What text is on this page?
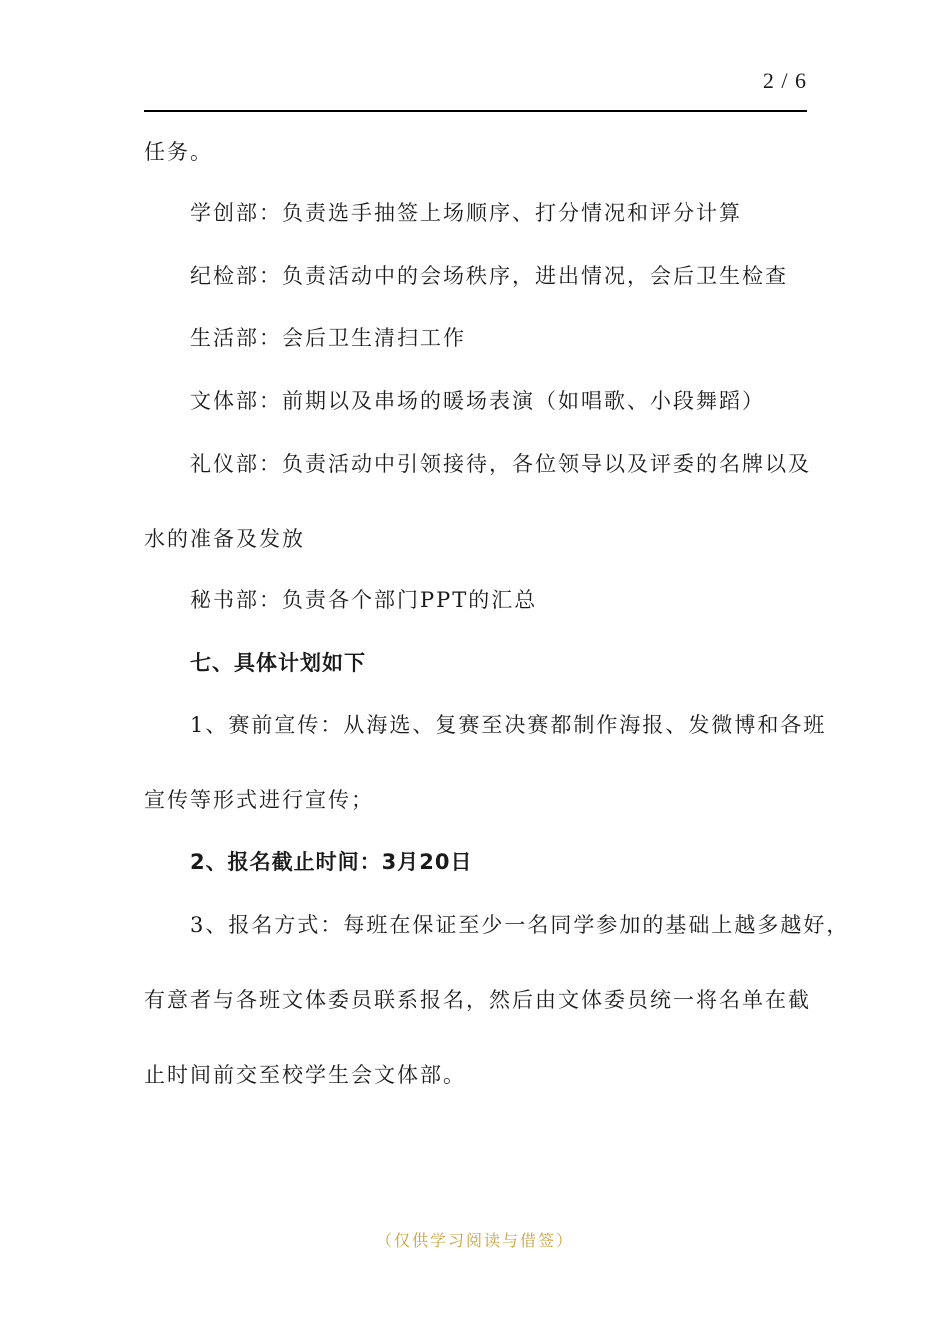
2 / 6
任务。
学创部：负责选手抽签上场顺序、打分情况和评分计算
纪检部：负责活动中的会场秩序，进出情况，会后卫生检查
生活部：会后卫生清扫工作
文体部：前期以及串场的暖场表演（如唱歌、小段舞蹈）
礼仪部：负责活动中引领接待，各位领导以及评委的名牌以及
水的准备及发放
秘书部：负责各个部门PPT的汇总
七、具体计划如下
1、赛前宣传：从海选、复赛至决赛都制作海报、发微博和各班
宣传等形式进行宣传；
2、报名截止时间：3月20日
3、报名方式：每班在保证至少一名同学参加的基础上越多越好，
有意者与各班文体委员联系报名，然后由文体委员统一将名单在截
止时间前交至校学生会文体部。
（仅供学习阅读与借签）
